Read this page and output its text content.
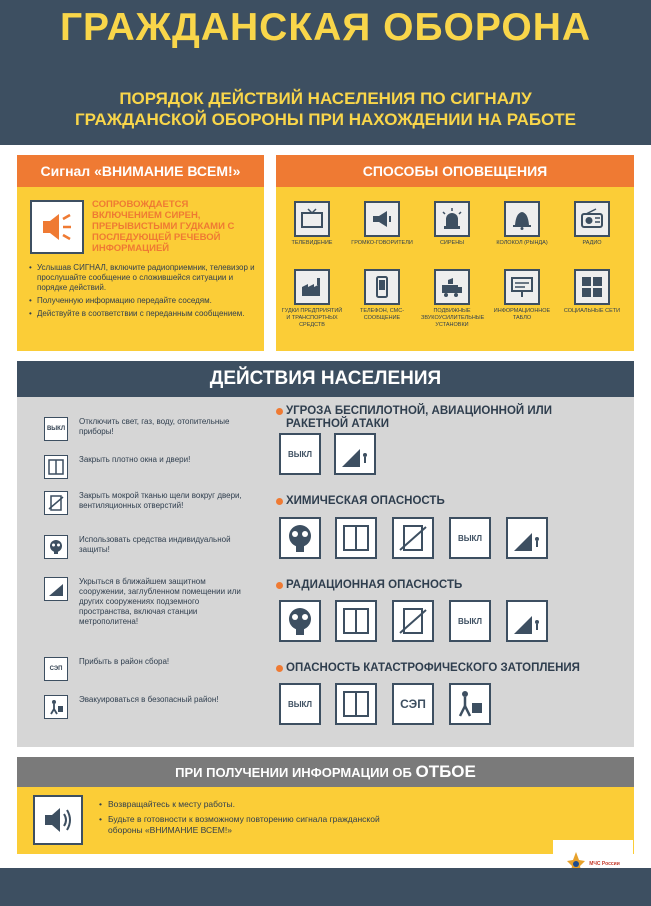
ГРАЖДАНСКАЯ ОБОРОНА
ПОРЯДОК ДЕЙСТВИЙ НАСЕЛЕНИЯ ПО СИГНАЛУ
ГРАЖДАНСКОЙ ОБОРОНЫ ПРИ НАХОЖДЕНИИ НА РАБОТЕ
Сигнал «ВНИМАНИЕ ВСЕМ!»
СОПРОВОЖДАЕТСЯ ВКЛЮЧЕНИЕМ СИРЕН, ПРЕРЫВИСТЫМИ ГУДКАМИ С ПОСЛЕДУЮЩЕЙ РЕЧЕВОЙ ИНФОРМАЦИЕЙ
• Услышав СИГНАЛ, включите радиоприемник, телевизор и прослушайте сообщение о сложившейся ситуации и порядке действий.
• Полученную информацию передайте соседям.
• Действуйте в соответствии с переданным сообщением.
СПОСОБЫ ОПОВЕЩЕНИЯ
ТЕЛЕВИДЕНИЕ	ГРОМКО-ГОВОРИТЕЛИ	СИРЕНЫ	КОЛОКОЛ (РЫНДА)	РАДИО
ГУДКИ ПРЕДПРИЯТИЙ И ТРАНСПОРТНЫХ СРЕДСТВ
ТЕЛЕФОН, СМС-СООБЩЕНИЕ
ПОДВИЖНЫЕ ЗВУКОУСИЛИТЕЛЬНЫЕ УСТАНОВКИ
ИНФОРМАЦИОННОЕ ТАБЛО
СОЦИАЛЬНЫЕ СЕТИ
ДЕЙСТВИЯ НАСЕЛЕНИЯ
ВЫКЛ
Отключить свет, газ, воду, отопительные приборы!
Закрыть плотно окна и двери!
Закрыть мокрой тканью щели вокруг двери, вентиляционных отверстий!
Использовать средства индивидуальной защиты!
Укрыться в ближайшем защитном сооружении, заглубленном помещении или других сооружениях подземного пространства, включая станции метрополитена!
СЭП
Прибыть в район сбора!
Эвакуироваться в безопасный район!
УГРОЗА БЕСПИЛОТНОЙ, АВИАЦИОННОЙ ИЛИ РАКЕТНОЙ АТАКИ
ВЫКЛ
ХИМИЧЕСКАЯ ОПАСНОСТЬ
ВЫКЛ
РАДИАЦИОННАЯ ОПАСНОСТЬ
ВЫКЛ
ОПАСНОСТЬ КАТАСТРОФИЧЕСКОГО ЗАТОПЛЕНИЯ
ВЫКЛ	СЭП
ПРИ ПОЛУЧЕНИИ ИНФОРМАЦИИ ОБ ОТБОЕ
• Возвращайтесь к месту работы.
• Будьте в готовности к возможному повторению сигнала гражданской обороны «ВНИМАНИЕ ВСЕМ!»
МЧС России
